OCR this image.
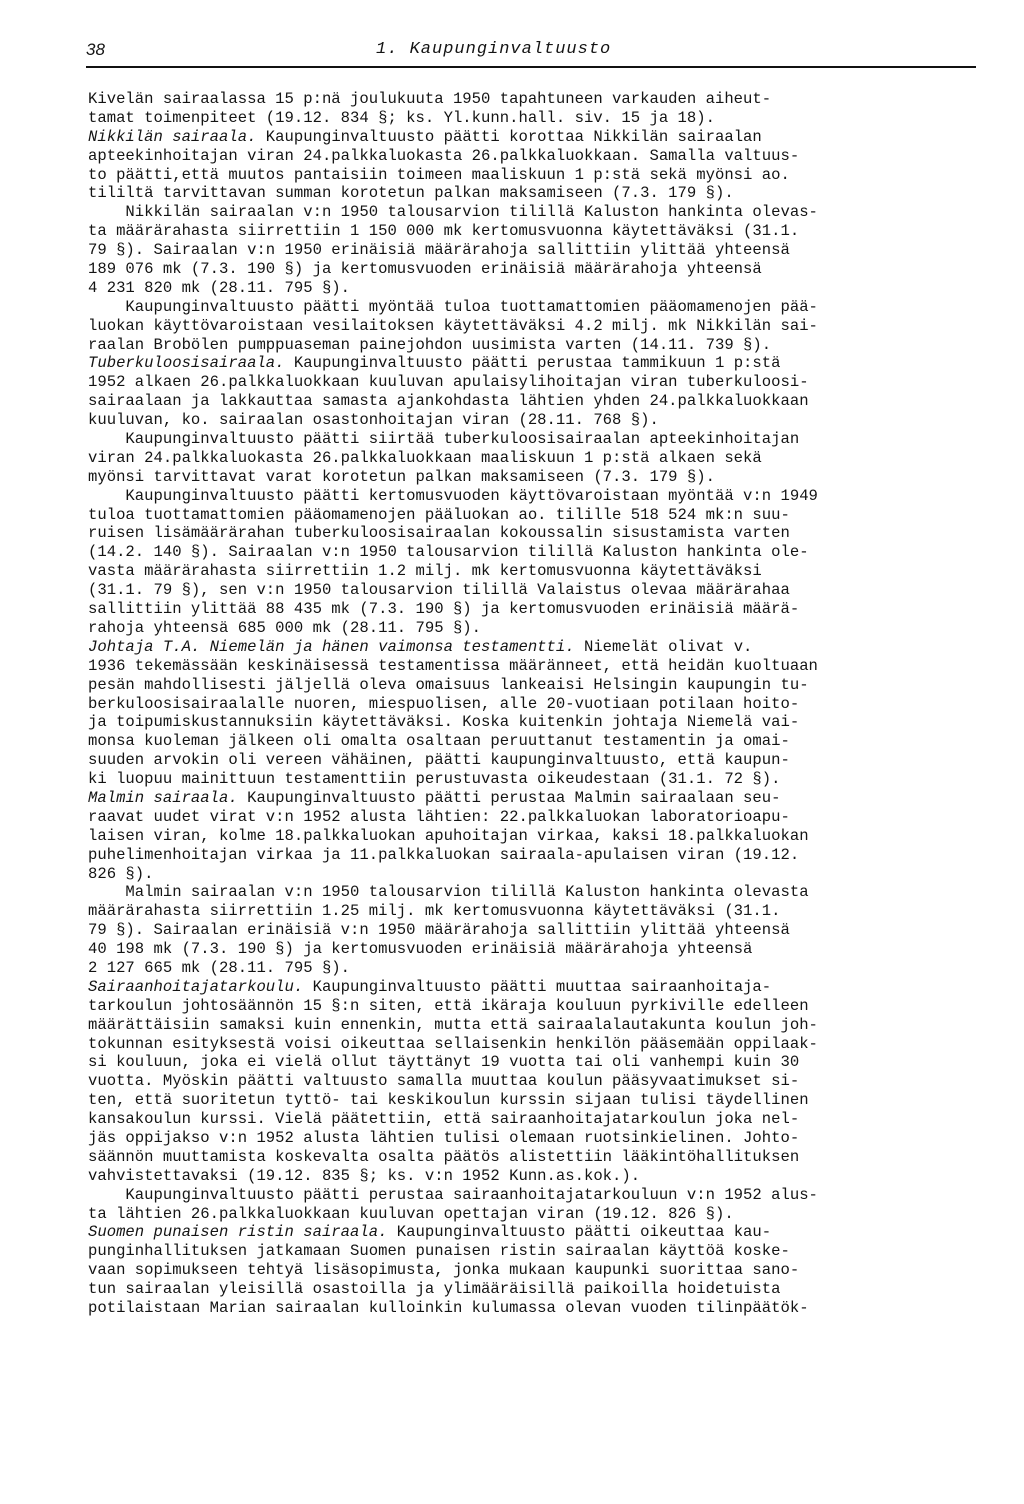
38	1. Kaupunginvaltuusto
Kivelän sairaalassa 15 p:nä joulukuuta 1950 tapahtuneen varkauden aiheut-
tamat toimenpiteet (19.12. 834 §; ks. Yl.kunn.hall. siv. 15 ja 18).
Nikkilän sairaala. Kaupunginvaltuusto päätti korottaa Nikkilän sairaalan
apteekinhoitajan viran 24.palkkaluokasta 26.palkkaluokkaan. Samalla valtuus-
to päätti,että muutos pantaisiin toimeen maaliskuun 1 p:stä sekä myönsi ao.
tililtä tarvittavan summan korotetun palkan maksamiseen (7.3. 179 §).
Nikkilän sairaalan v:n 1950 talousarvion tilillä Kaluston hankinta olevas-
ta määrärahasta siirrettiin 1 150 000 mk kertomusvuonna käytettäväksi (31.1.
79 §). Sairaalan v:n 1950 erinäisiä määrärahoja sallittiin ylittää yhteensä
189 076 mk (7.3. 190 §) ja kertomusvuoden erinäisiä määrärahoja yhteensä
4 231 820 mk (28.11. 795 §).
Kaupunginvaltuusto päätti myöntää tuloa tuottamattomien pääomamenojen pää-
luokan käyttövaroistaan vesilaitoksen käytettäväksi 4.2 milj. mk Nikkilän sai-
raalan Brobölen pumppuaseman painejohdon uusimista varten (14.11. 739 §).
Tuberkuloosisairaala. Kaupunginvaltuusto päätti perustaa tammikuun 1 p:stä
1952 alkaen 26.palkkaluokkaan kuuluvan apulaisylihoitajan viran tuberkuloosi-
sairaalaan ja lakkauttaa samasta ajankohdasta lähtien yhden 24.palkkaluokkaan
kuuluvan, ko. sairaalan osastonhoitajan viran (28.11. 768 §).
Kaupunginvaltuusto päätti siirtää tuberkuloosisairaalan apteekinhoitajan
viran 24.palkkaluokasta 26.palkkaluokkaan maaliskuun 1 p:stä alkaen sekä
myönsi tarvittavat varat korotetun palkan maksamiseen (7.3. 179 §).
Kaupunginvaltuusto päätti kertomusvuoden käyttövaroistaan myöntää v:n 1949
tuloa tuottamattomien pääomamenojen pääluokan ao. tilille 518 524 mk:n suu-
ruisen lisämäärärahan tuberkuloosisairaalan kokoussalin sisustamista varten
(14.2. 140 §). Sairaalan v:n 1950 talousarvion tilillä Kaluston hankinta ole-
vasta määrärahasta siirrettiin 1.2 milj. mk kertomusvuonna käytettäväksi
(31.1. 79 §), sen v:n 1950 talousarvion tilillä Valaistus olevaa määrärahaa
sallittiin ylittää 88 435 mk (7.3. 190 §) ja kertomusvuoden erinäisiä määrä-
rahoja yhteensä 685 000 mk (28.11. 795 §).
Johtaja T.A. Niemelän ja hänen vaimonsa testamentti. Niemelät olivat v.
1936 tekemässään keskinäisessä testamentissa määränneet, että heidän kuoltuaan
pesän mahdollisesti jäljellä oleva omaisuus lankeaisi Helsingin kaupungin tu-
berkuloosisairaalalle nuoren, miespuolisen, alle 20-vuotiaan potilaan hoito-
ja toipumiskustannuksiin käytettäväksi. Koska kuitenkin johtaja Niemelä vai-
monsa kuoleman jälkeen oli omalta osaltaan peruuttanut testamentin ja omai-
suuden arvokin oli vereen vähäinen, päätti kaupunginvaltuusto, että kaupun-
ki luopuu mainittuun testamenttiin perustuvasta oikeudestaan (31.1. 72 §).
Malmin sairaala. Kaupunginvaltuusto päätti perustaa Malmin sairaalaan seu-
raavat uudet virat v:n 1952 alusta lähtien: 22.palkkaluokan laboratorioapu-
laisen viran, kolme 18.palkkaluokan apuhoitajan virkaa, kaksi 18.palkkaluokan
puhelimenhoitajan virkaa ja 11.palkkaluokan sairaala-apulaisen viran (19.12.
826 §).
Malmin sairaalan v:n 1950 talousarvion tilillä Kaluston hankinta olevasta
määrärahasta siirrettiin 1.25 milj. mk kertomusvuonna käytettäväksi (31.1.
79 §). Sairaalan erinäisiä v:n 1950 määrärahoja sallittiin ylittää yhteensä
40 198 mk (7.3. 190 §) ja kertomusvuoden erinäisiä määrärahoja yhteensä
2 127 665 mk (28.11. 795 §).
Sairaanhoitajatarkoulu. Kaupunginvaltuusto päätti muuttaa sairaanhoitaja-
tarkoulun johtosäännön 15 §:n siten, että ikäraja kouluun pyrkiville edelleen
määrättäisiin samaksi kuin ennenkin, mutta että sairaalalautakunta koulun joh-
tokunnan esityksestä voisi oikeuttaa sellaisenkin henkilön pääsemään oppilaak-
si kouluun, joka ei vielä ollut täyttänyt 19 vuotta tai oli vanhempi kuin 30
vuotta. Myöskin päätti valtuusto samalla muuttaa koulun pääsyvaatimukset si-
ten, että suoritetun tyttö- tai keskikoulun kurssin sijaan tulisi täydellinen
kansakoulun kurssi. Vielä päätettiin, että sairaanhoitajatarkoulun joka nel-
jäs oppijakso v:n 1952 alusta lähtien tulisi olemaan ruotsinkielinen. Johto-
säännön muuttamista koskevalta osalta päätös alistettiin lääkintöhallituksen
vahvistettavaksi (19.12. 835 §; ks. v:n 1952 Kunn.as.kok.).
Kaupunginvaltuusto päätti perustaa sairaanhoitajatarkouluun v:n 1952 alus-
ta lähtien 26.palkkaluokkaan kuuluvan opettajan viran (19.12. 826 §).
Suomen punaisen ristin sairaala. Kaupunginvaltuusto päätti oikeuttaa kau-
punginhallituksen jatkamaan Suomen punaisen ristin sairaalan käyttöä koske-
vaan sopimukseen tehtyä lisäsopimusta, jonka mukaan kaupunki suorittaa sano-
tun sairaalan yleisillä osastoilla ja ylimääräisillä paikoilla hoidetuista
potilaistaan Marian sairaalan kulloinkin kulumassa olevan vuoden tilinpäätök-
